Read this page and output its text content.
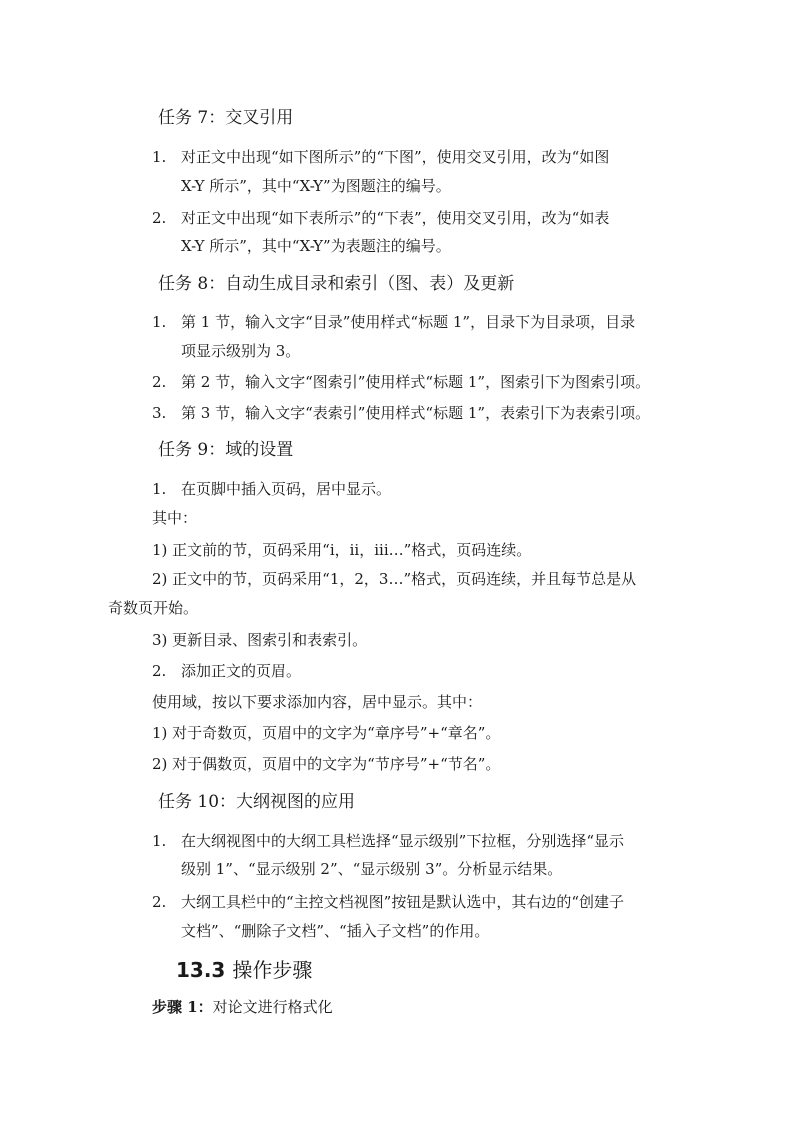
任务 7：交叉引用
1. 对正文中出现“如下图所示”的“下图”，使用交叉引用，改为“如图
X-Y 所示”，其中“X-Y”为图题注的编号。
2. 对正文中出现“如下表所示”的“下表”，使用交叉引用，改为“如表
X-Y 所示”，其中“X-Y”为表题注的编号。
任务 8：自动生成目录和索引（图、表）及更新
1. 第 1 节，输入文字“目录”使用样式“标题 1”，目录下为目录项，目录
项显示级别为 3。
2. 第 2 节，输入文字“图索引”使用样式“标题 1”，图索引下为图索引项。
3. 第 3 节，输入文字“表索引”使用样式“标题 1”，表索引下为表索引项。
任务 9：域的设置
1. 在页脚中插入页码，居中显示。
其中：
1) 正文前的节，页码采用“i，ii，iii…”格式，页码连续。
2) 正文中的节，页码采用“1，2，3…”格式，页码连续，并且每节总是从
奇数页开始。
3) 更新目录、图索引和表索引。
2. 添加正文的页眉。
使用域，按以下要求添加内容，居中显示。其中：
1) 对于奇数页，页眉中的文字为“章序号”+“章名”。
2) 对于偶数页，页眉中的文字为“节序号”+“节名”。
任务 10：大纲视图的应用
1. 在大纲视图中的大纲工具栏选择“显示级别”下拉框，分别选择“显示
级别 1”、“显示级别 2”、“显示级别 3”。分析显示结果。
2. 大纲工具栏中的“主控文档视图”按钮是默认选中，其右边的“创建子
文档”、“删除子文档”、“插入子文档”的作用。
13.3 操作步骤
步骤 1：对论文进行格式化
